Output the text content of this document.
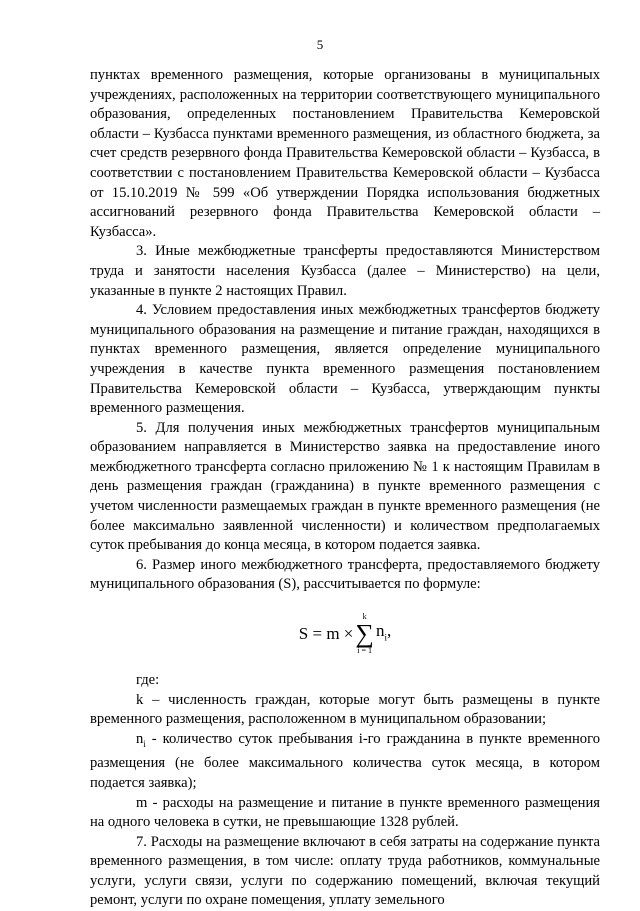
5

пунктах временного размещения, которые организованы в муниципальных учреждениях, расположенных на территории соответствующего муниципального образования, определенных постановлением Правительства Кемеровской области – Кузбасса пунктами временного размещения, из областного бюджета, за счет средств резервного фонда Правительства Кемеровской области – Кузбасса, в соответствии с постановлением Правительства Кемеровской области – Кузбасса от 15.10.2019 № 599 «Об утверждении Порядка использования бюджетных ассигнований резервного фонда Правительства Кемеровской области – Кузбасса».

3. Иные межбюджетные трансферты предоставляются Министерством труда и занятости населения Кузбасса (далее – Министерство) на цели, указанные в пункте 2 настоящих Правил.

4. Условием предоставления иных межбюджетных трансфертов бюджету муниципального образования на размещение и питание граждан, находящихся в пунктах временного размещения, является определение муниципального учреждения в качестве пункта временного размещения постановлением Правительства Кемеровской области – Кузбасса, утверждающим пункты временного размещения.

5. Для получения иных межбюджетных трансфертов муниципальным образованием направляется в Министерство заявка на предоставление иного межбюджетного трансферта согласно приложению № 1 к настоящим Правилам в день размещения граждан (гражданина) в пункте временного размещения с учетом численности размещаемых граждан в пункте временного размещения (не более максимально заявленной численности) и количеством предполагаемых суток пребывания до конца месяца, в котором подается заявка.

6. Размер иного межбюджетного трансферта, предоставляемого бюджету муниципального образования (S), рассчитывается по формуле:

S = m ×
k
∑
i = 1
$n_i$,

где:

k – численность граждан, которые могут быть размещены в пункте временного размещения, расположенном в муниципальном образовании;

$n_i$ - количество суток пребывания i-го гражданина в пункте временного размещения (не более максимального количества суток месяца, в котором подается заявка);

m - расходы на размещение и питание в пункте временного размещения на одного человека в сутки, не превышающие 1328 рублей.

7. Расходы на размещение включают в себя затраты на содержание пункта временного размещения, в том числе: оплату труда работников, коммунальные услуги, услуги связи, услуги по содержанию помещений, включая текущий ремонт, услуги по охране помещения, уплату земельного
